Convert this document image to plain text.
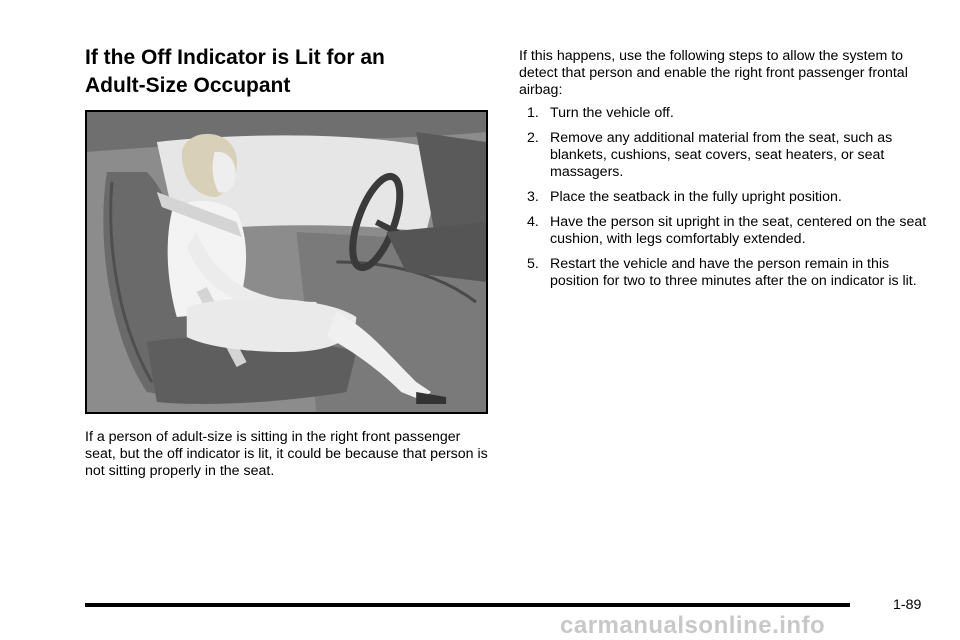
If the Off Indicator is Lit for an
Adult-Size Occupant

If a person of adult-size is sitting in the right front passenger seat, but the off indicator is lit, it could be because that person is not sitting properly in the seat.

If this happens, use the following steps to allow the system to detect that person and enable the right front passenger frontal airbag:

1. Turn the vehicle off.
2. Remove any additional material from the seat, such as blankets, cushions, seat covers, seat heaters, or seat massagers.
3. Place the seatback in the fully upright position.
4. Have the person sit upright in the seat, centered on the seat cushion, with legs comfortably extended.
5. Restart the vehicle and have the person remain in this position for two to three minutes after the on indicator is lit.
1-89
carmanualsonline.info
